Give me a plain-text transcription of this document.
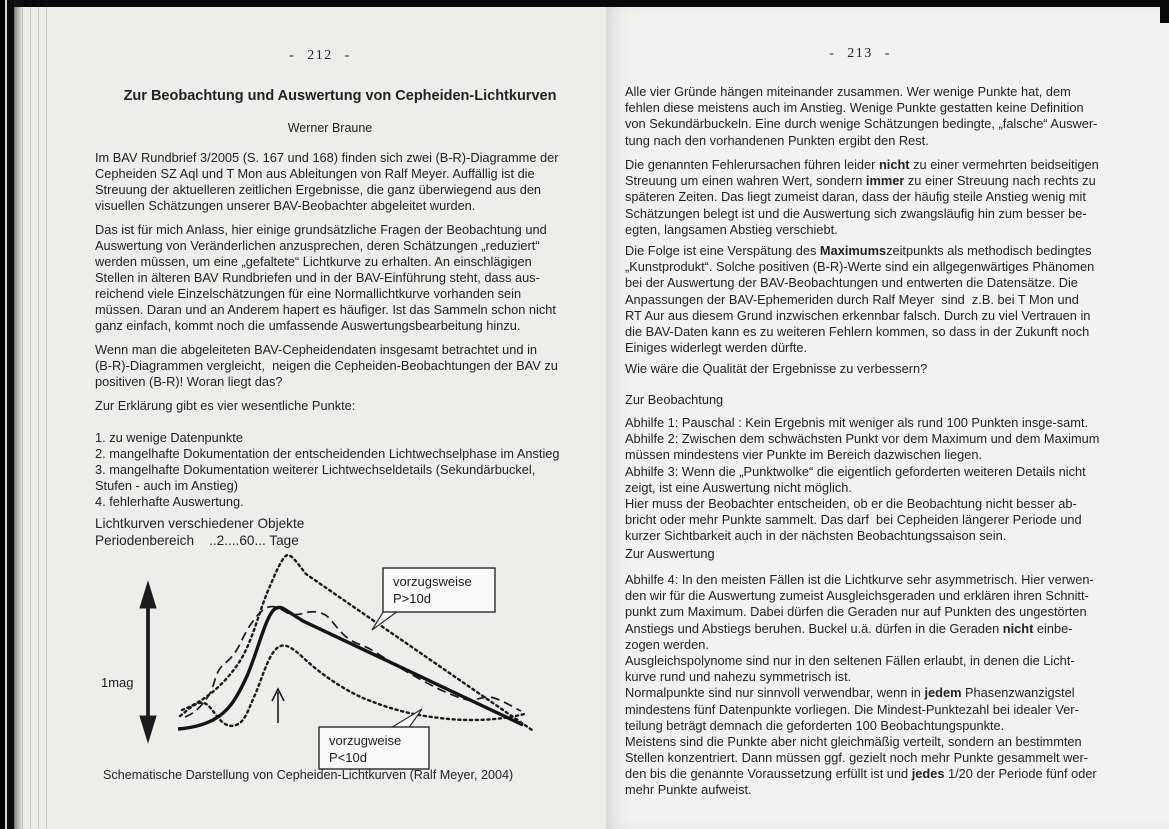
- 212 -
Zur Beobachtung und Auswertung von Cepheiden-Lichtkurven
Werner Braune
Im BAV Rundbrief 3/2005 (S. 167 und 168) finden sich zwei (B-R)-Diagramme der
Cepheiden SZ Aql und T Mon aus Ableitungen von Ralf Meyer. Auffällig ist die
Streuung der aktuelleren zeitlichen Ergebnisse, die ganz überwiegend aus den
visuellen Schätzungen unserer BAV-Beobachter abgeleitet wurden.
Das ist für mich Anlass, hier einige grundsätzliche Fragen der Beobachtung und
Auswertung von Veränderlichen anzusprechen, deren Schätzungen „reduziert“
werden müssen, um eine „gefaltete“ Lichtkurve zu erhalten. An einschlägigen
Stellen in älteren BAV Rundbriefen und in der BAV-Einführung steht, dass aus-
reichend viele Einzelschätzungen für eine Normallichtkurve vorhanden sein
müssen. Daran und an Anderem hapert es häufiger. Ist das Sammeln schon nicht
ganz einfach, kommt noch die umfassende Auswertungsbearbeitung hinzu.
Wenn man die abgeleiteten BAV-Cepheidendaten insgesamt betrachtet und in
(B-R)-Diagrammen vergleicht,  neigen die Cepheiden-Beobachtungen der BAV zu
positiven (B-R)! Woran liegt das?
Zur Erklärung gibt es vier wesentliche Punkte:
1. zu wenige Datenpunkte
2. mangelhafte Dokumentation der entscheidenden Lichtwechselphase im Anstieg
3. mangelhafte Dokumentation weiterer Lichtwechseldetails (Sekundärbuckel,
Stufen - auch im Anstieg)
4. fehlerhafte Auswertung.
Lichtkurven verschiedener Objekte
Periodenbereich    ..2....60... Tage
1mag
vorzugsweise
P>10d
vorzugweise
P<10d
Schematische Darstellung von Cepheiden-Lichtkurven (Ralf Meyer, 2004)
- 213 -
Alle vier Gründe hängen miteinander zusammen. Wer wenige Punkte hat, dem
fehlen diese meistens auch im Anstieg. Wenige Punkte gestatten keine Definition
von Sekundärbuckeln. Eine durch wenige Schätzungen bedingte, „falsche“ Auswer-
tung nach den vorhandenen Punkten ergibt den Rest.
Die genannten Fehlerursachen führen leider nicht zu einer vermehrten beidseitigen
Streuung um einen wahren Wert, sondern immer zu einer Streuung nach rechts zu
späteren Zeiten. Das liegt zumeist daran, dass der häufig steile Anstieg wenig mit
Schätzungen belegt ist und die Auswertung sich zwangsläufig hin zum besser be-
egten, langsamen Abstieg verschiebt.
Die Folge ist eine Verspätung des Maximumszeitpunkts als methodisch bedingtes
„Kunstprodukt“. Solche positiven (B-R)-Werte sind ein allgegenwärtiges Phänomen
bei der Auswertung der BAV-Beobachtungen und entwerten die Datensätze. Die
Anpassungen der BAV-Ephemeriden durch Ralf Meyer  sind  z.B. bei T Mon und
RT Aur aus diesem Grund inzwischen erkennbar falsch. Durch zu viel Vertrauen in
die BAV-Daten kann es zu weiteren Fehlern kommen, so dass in der Zukunft noch
Einiges widerlegt werden dürfte.
Wie wäre die Qualität der Ergebnisse zu verbessern?
Zur Beobachtung
Abhilfe 1: Pauschal : Kein Ergebnis mit weniger als rund 100 Punkten insge-samt.
Abhilfe 2: Zwischen dem schwächsten Punkt vor dem Maximum und dem Maximum
müssen mindestens vier Punkte im Bereich dazwischen liegen.
Abhilfe 3: Wenn die „Punktwolke“ die eigentlich geforderten weiteren Details nicht
zeigt, ist eine Auswertung nicht möglich.
Hier muss der Beobachter entscheiden, ob er die Beobachtung nicht besser ab-
bricht oder mehr Punkte sammelt. Das darf  bei Cepheiden längerer Periode und
kurzer Sichtbarkeit auch in der nächsten Beobachtungssaison sein.
Zur Auswertung
Abhilfe 4: In den meisten Fällen ist die Lichtkurve sehr asymmetrisch. Hier verwen-
den wir für die Auswertung zumeist Ausgleichsgeraden und erklären ihren Schnitt-
punkt zum Maximum. Dabei dürfen die Geraden nur auf Punkten des ungestörten
Anstiegs und Abstiegs beruhen. Buckel u.ä. dürfen in die Geraden nicht einbe-
zogen werden.
Ausgleichspolynome sind nur in den seltenen Fällen erlaubt, in denen die Licht-
kurve rund und nahezu symmetrisch ist.
Normalpunkte sind nur sinnvoll verwendbar, wenn in jedem Phasenzwanzigstel
mindestens fünf Datenpunkte vorliegen. Die Mindest-Punktezahl bei idealer Ver-
teilung beträgt demnach die geforderten 100 Beobachtungspunkte.
Meistens sind die Punkte aber nicht gleichmäßig verteilt, sondern an bestimmten
Stellen konzentriert. Dann müssen ggf. gezielt noch mehr Punkte gesammelt wer-
den bis die genannte Voraussetzung erfüllt ist und jedes 1/20 der Periode fünf oder
mehr Punkte aufweist.
